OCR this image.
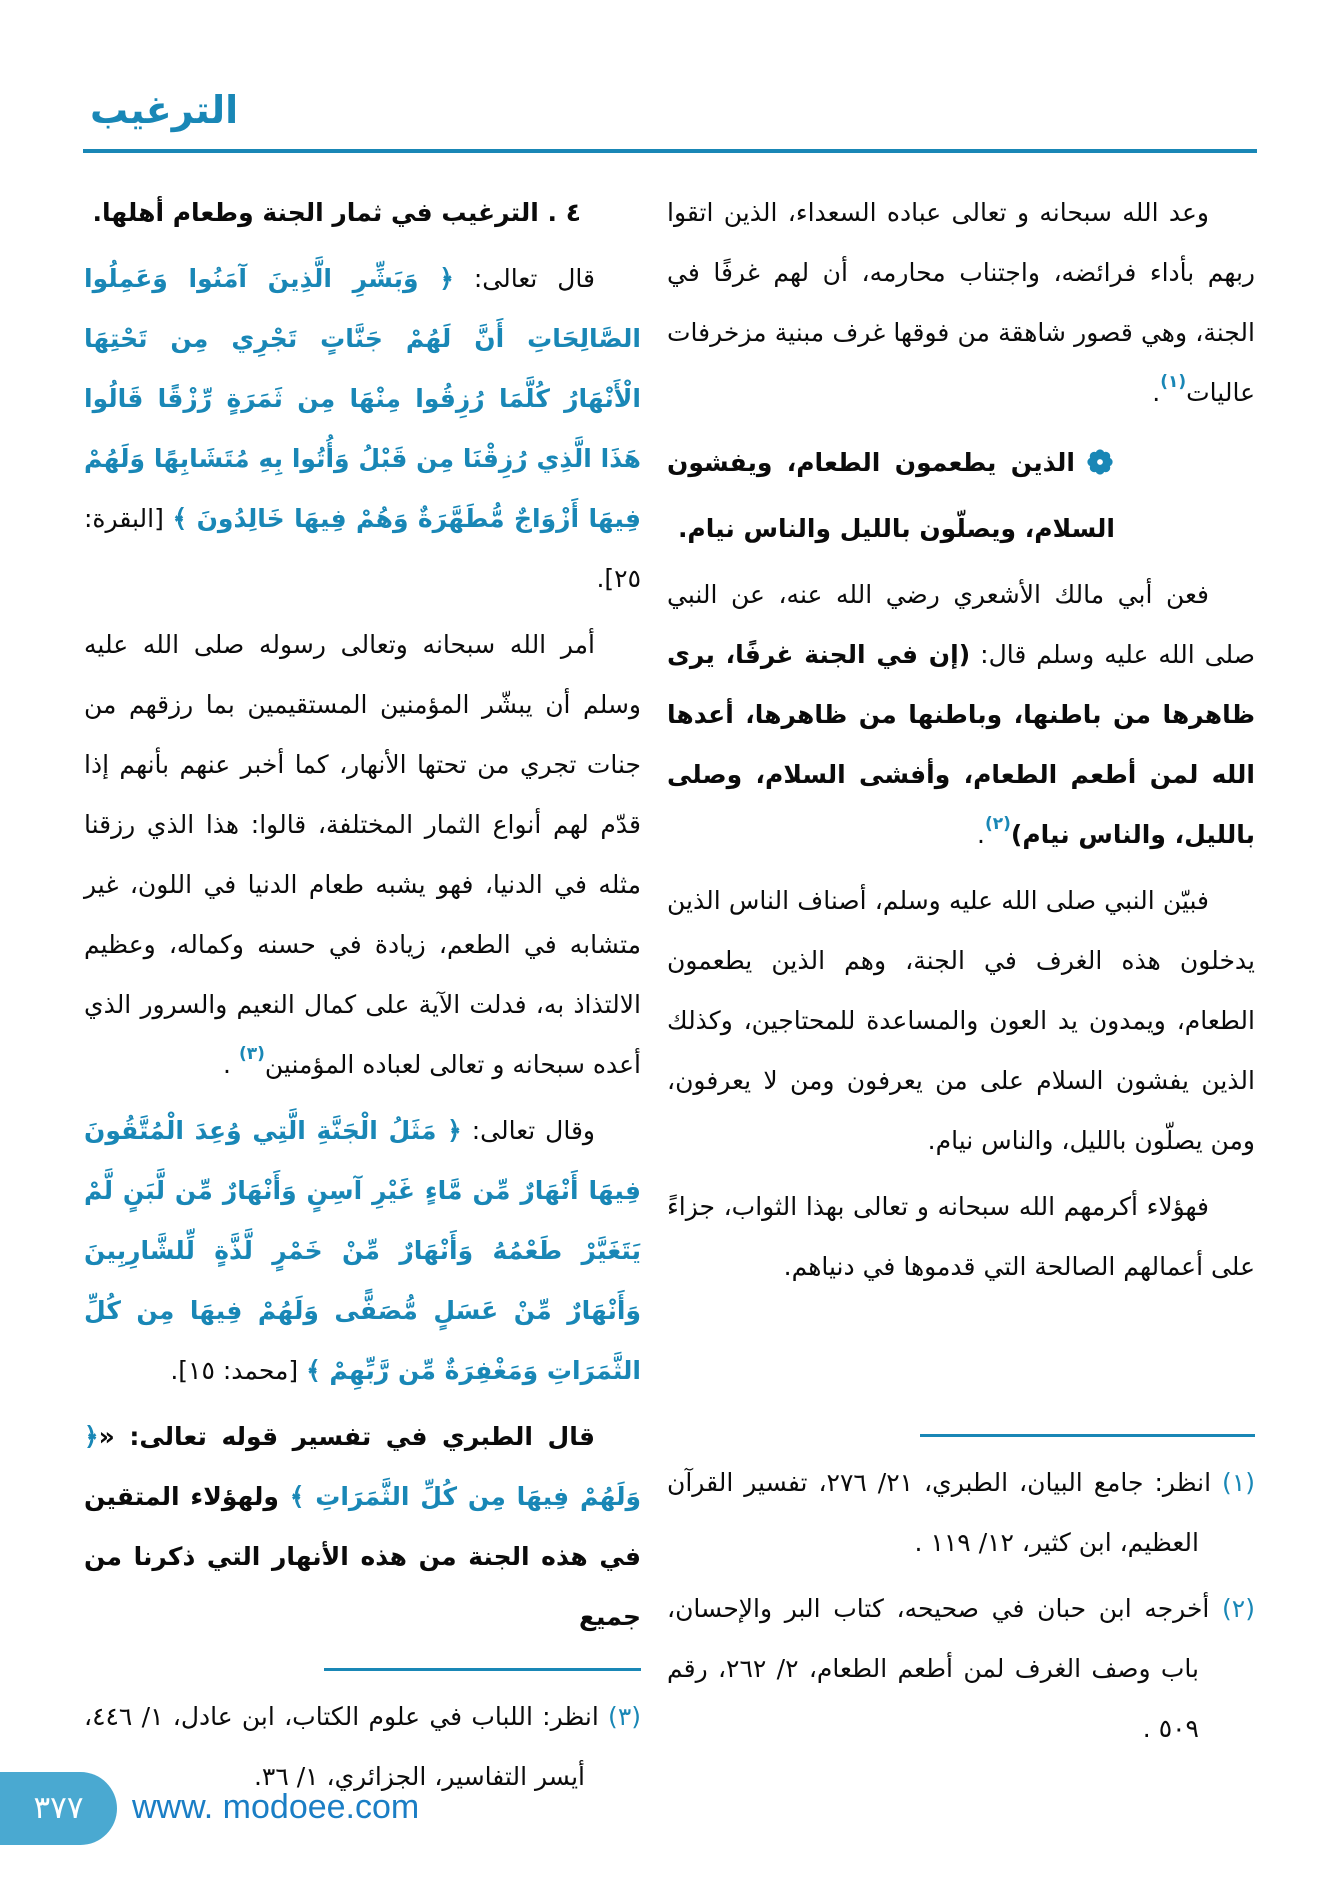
الترغيب

وعد الله سبحانه و تعالى عباده السعداء، الذين اتقوا ربهم بأداء فرائضه، واجتناب محارمه، أن لهم غرفًا في الجنة، وهي قصور شاهقة من فوقها غرف مبنية مزخرفات عاليات$^{(١)}$.

الذين يطعمون الطعام، ويفشون السلام، ويصلّون بالليل والناس نيام.

فعن أبي مالك الأشعري رضي الله عنه، عن النبي صلى الله عليه وسلم قال: (إن في الجنة غرفًا، يرى ظاهرها من باطنها، وباطنها من ظاهرها، أعدها الله لمن أطعم الطعام، وأفشى السلام، وصلى بالليل، والناس نيام)$^{(٢)}$.

فبيّن النبي صلى الله عليه وسلم، أصناف الناس الذين يدخلون هذه الغرف في الجنة، وهم الذين يطعمون الطعام، ويمدون يد العون والمساعدة للمحتاجين، وكذلك الذين يفشون السلام على من يعرفون ومن لا يعرفون، ومن يصلّون بالليل، والناس نيام.

فهؤلاء أكرمهم الله سبحانه و تعالى بهذا الثواب، جزاءً على أعمالهم الصالحة التي قدموها في دنياهم.

(١) انظر: جامع البيان، الطبري، ٢١/ ٢٧٦، تفسير القرآن العظيم، ابن كثير، ١٢/ ١١٩ .

(٢) أخرجه ابن حبان في صحيحه، كتاب البر والإحسان، باب وصف الغرف لمن أطعم الطعام، ٢/ ٢٦٢، رقم ٥٠٩ .

٤ . الترغيب في ثمار الجنة وطعام أهلها.

قال تعالى: ﴿ وَبَشِّرِ الَّذِينَ آمَنُوا وَعَمِلُوا الصَّالِحَاتِ أَنَّ لَهُمْ جَنَّاتٍ تَجْرِي مِن تَحْتِهَا الْأَنْهَارُ كُلَّمَا رُزِقُوا مِنْهَا مِن ثَمَرَةٍ رِّزْقًا قَالُوا هَذَا الَّذِي رُزِقْنَا مِن قَبْلُ وَأُتُوا بِهِ مُتَشَابِهًا وَلَهُمْ فِيهَا أَزْوَاجٌ مُّطَهَّرَةٌ وَهُمْ فِيهَا خَالِدُونَ ﴾ [البقرة: ٢٥].

أمر الله سبحانه وتعالى رسوله صلى الله عليه وسلم أن يبشّر المؤمنين المستقيمين بما رزقهم من جنات تجري من تحتها الأنهار، كما أخبر عنهم بأنهم إذا قدّم لهم أنواع الثمار المختلفة، قالوا: هذا الذي رزقنا مثله في الدنيا، فهو يشبه طعام الدنيا في اللون، غير متشابه في الطعم، زيادة في حسنه وكماله، وعظيم الالتذاذ به، فدلت الآية على كمال النعيم والسرور الذي أعده سبحانه و تعالى لعباده المؤمنين$^{(٣)}$ .

وقال تعالى: ﴿ مَثَلُ الْجَنَّةِ الَّتِي وُعِدَ الْمُتَّقُونَ فِيهَا أَنْهَارٌ مِّن مَّاءٍ غَيْرِ آسِنٍ وَأَنْهَارٌ مِّن لَّبَنٍ لَّمْ يَتَغَيَّرْ طَعْمُهُ وَأَنْهَارٌ مِّنْ خَمْرٍ لَّذَّةٍ لِّلشَّارِبِينَ وَأَنْهَارٌ مِّنْ عَسَلٍ مُّصَفًّى وَلَهُمْ فِيهَا مِن كُلِّ الثَّمَرَاتِ وَمَغْفِرَةٌ مِّن رَّبِّهِمْ ﴾ [محمد: ١٥].

قال الطبري في تفسير قوله تعالى: «﴿ وَلَهُمْ فِيهَا مِن كُلِّ الثَّمَرَاتِ ﴾ ولهؤلاء المتقين في هذه الجنة من هذه الأنهار التي ذكرنا من جميع

(٣) انظر: اللباب في علوم الكتاب، ابن عادل، ١/ ٤٤٦، أيسر التفاسير، الجزائري، ١/ ٣٦.

٣٧٧	www. modoee.com
